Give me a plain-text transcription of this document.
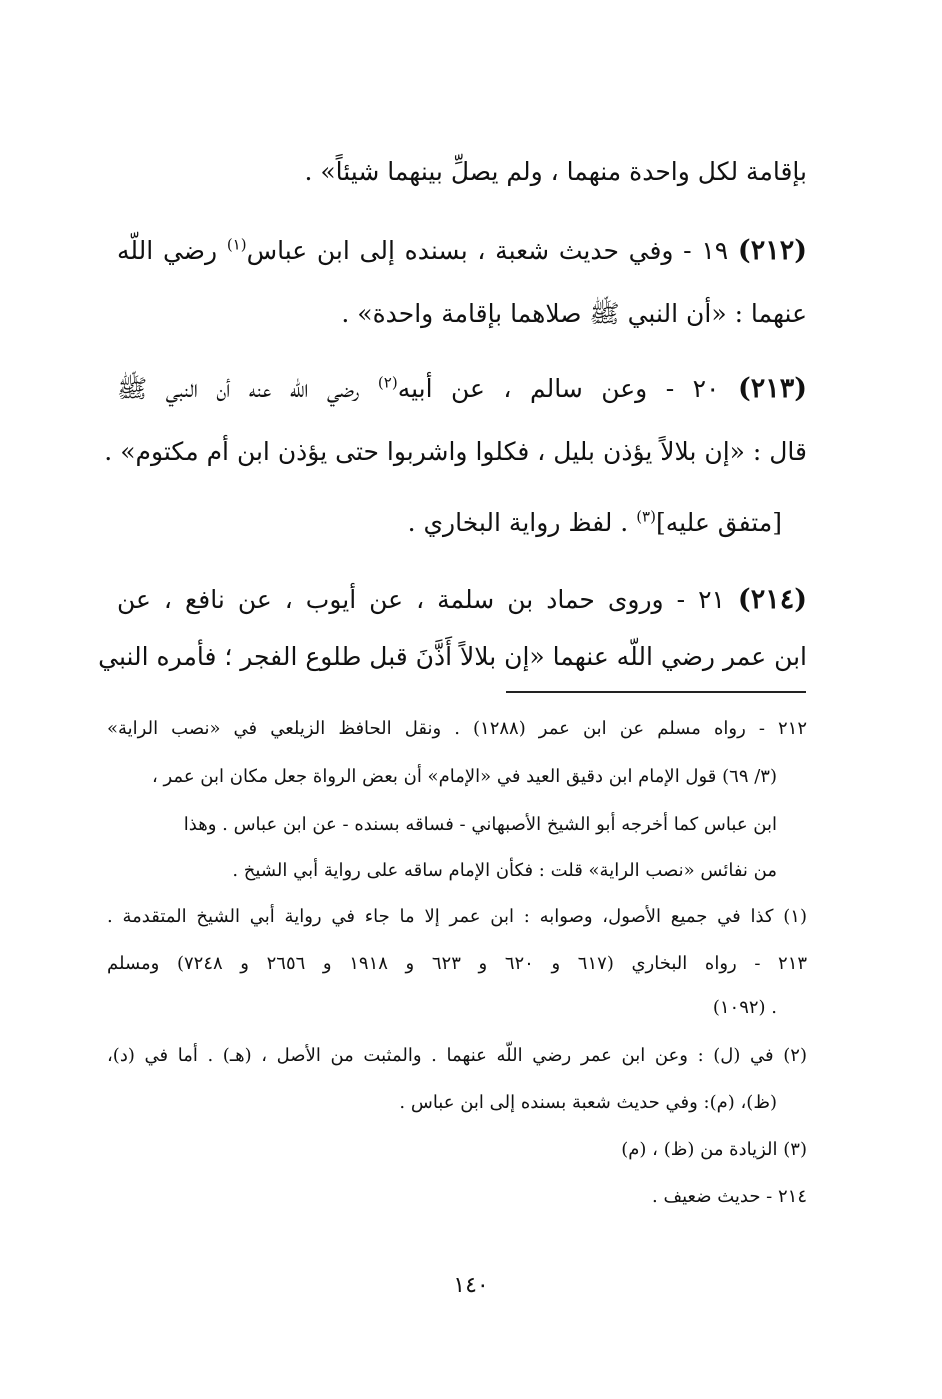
بإقامة لكل واحدة منهما ، ولم يصلِّ بينهما شيئاً» .
(٢١٢) ١٩ - وفي حديث شعبة ، بسنده إلى ابن عباس$^{(١)}$ رضي اللّه
عنهما : «أن النبي ﷺ صلاهما بإقامة واحدة» .
(٢١٣) ٢٠ - وعن سالم ، عن أبيه$^{(٢)}$ رضي اللّه عنه أن النبي ﷺ
قال : «إن بلالاً يؤذن بليل ، فكلوا واشربوا حتى يؤذن ابن أم مكتوم» .
[متفق عليه]$^{(٣)}$ . لفظ رواية البخاري .
(٢١٤) ٢١ - وروى حماد بن سلمة ، عن أيوب ، عن نافع ، عن
ابن عمر رضي اللّه عنهما «إن بلالاً أَذَّنَ قبل طلوع الفجر ؛ فأمره النبي
٢١٢ - رواه مسلم عن ابن عمر (١٢٨٨) . ونقل الحافظ الزيلعي في «نصب الراية»
(٣/ ٦٩) قول الإمام ابن دقيق العيد في «الإمام» أن بعض الرواة جعل مكان ابن عمر ،
ابن عباس كما أخرجه أبو الشيخ الأصبهاني - فساقه بسنده - عن ابن عباس . وهذا
من نفائس «نصب الراية» قلت : فكأن الإمام ساقه على رواية أبي الشيخ .
(١) كذا في جميع الأصول، وصوابه : ابن عمر إلا ما جاء في رواية أبي الشيخ المتقدمة .
٢١٣ - رواه البخاري (٦١٧ و ٦٢٠ و ٦٢٣ و ١٩١٨ و ٢٦٥٦ و ٧٢٤٨) ومسلم
. (١٠٩٢)
(٢) في (ل) : وعن ابن عمر رضي اللّه عنهما . والمثبت من الأصل ، (هـ) . أما في (د)،
(ظ)، (م): وفي حديث شعبة بسنده إلى ابن عباس .
(٣) الزيادة من (ظ) ، (م)
٢١٤ - حديث ضعيف .
١٤٠
